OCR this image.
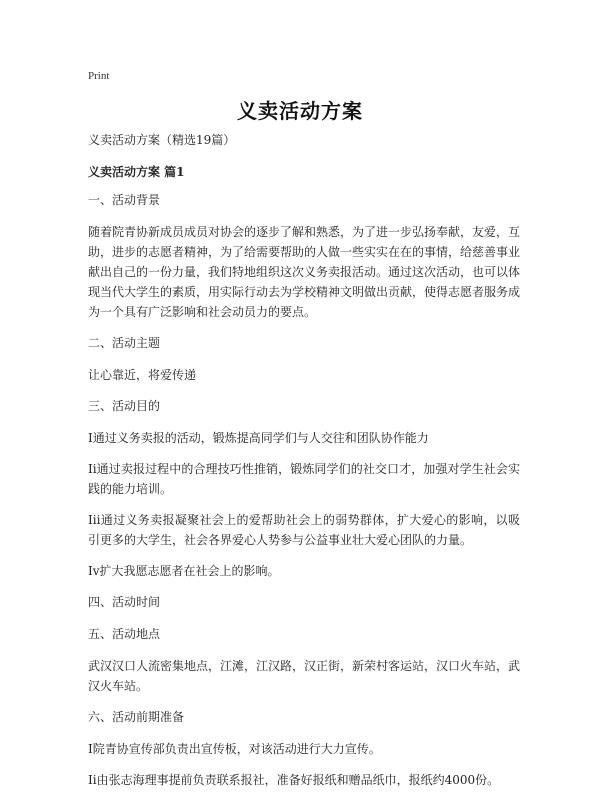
Print
义卖活动方案

义卖活动方案（精选19篇）

义卖活动方案 篇1

一、活动背景

随着院青协新成员成员对协会的逐步了解和熟悉，为了进一步弘扬奉献，友爱，互助，进步的志愿者精神，为了给需要帮助的人做一些实实在在的事情，给慈善事业献出自己的一份力量，我们特地组织这次义务卖报活动。通过这次活动，也可以体现当代大学生的素质，用实际行动去为学校精神文明做出贡献，使得志愿者服务成为一个具有广泛影响和社会动员力的要点。

二、活动主题

让心靠近，将爱传递

三、活动目的

I通过义务卖报的活动，锻炼提高同学们与人交往和团队协作能力

Ii通过卖报过程中的合理技巧性推销，锻炼同学们的社交口才，加强对学生社会实践的能力培训。

Iii通过义务卖报凝聚社会上的爱帮助社会上的弱势群体，扩大爱心的影响，以吸引更多的大学生，社会各界爱心人势参与公益事业壮大爱心团队的力量。

Iv扩大我愿志愿者在社会上的影响。

四、活动时间

五、活动地点

武汉汉口人流密集地点，江滩，江汉路，汉正街，新荣村客运站，汉口火车站，武汉火车站。

六、活动前期准备

I院青协宣传部负责出宣传板，对该活动进行大力宣传。

Ii由张志海理事提前负责联系报社，准备好报纸和赠品纸巾，报纸约4000份。
